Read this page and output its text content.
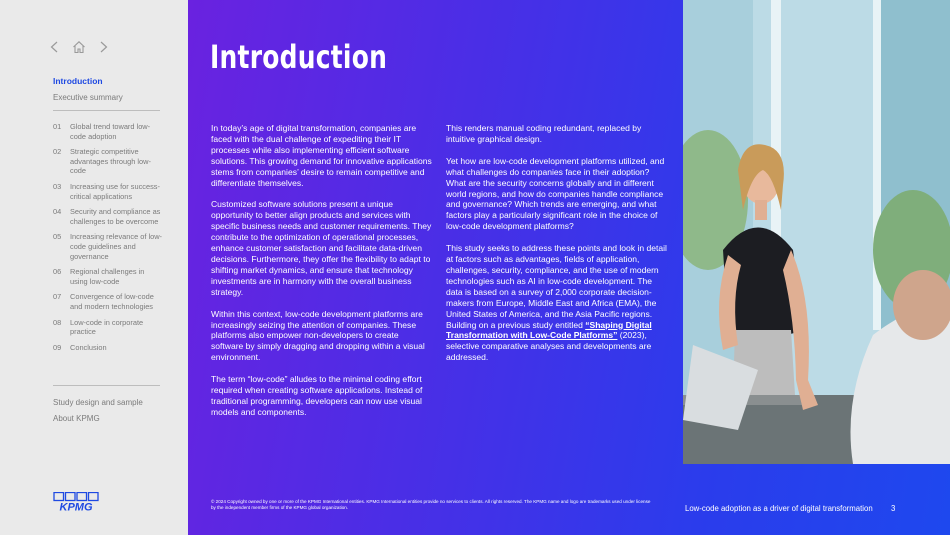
Introduction
Executive summary
01	Global trend toward low-code adoption
02	Strategic competitive advantages through low-code
03	Increasing use for success-critical applications
04	Security and compliance as challenges to be overcome
05	Increasing relevance of low-code guidelines and governance
06	Regional challenges in using low-code
07	Convergence of low-code and modern technologies
08	Low-code in corporate practice
09	Conclusion
Study design and sample
About KPMG
KPMG
Introduction

In today’s age of digital transformation, companies are faced with the dual challenge of expediting their IT processes while also implementing efficient software solutions. This growing demand for innovative applications stems from companies’ desire to remain competitive and differentiate themselves.

Customized software solutions present a unique opportunity to better align products and services with specific business needs and customer requirements. They contribute to the optimization of operational processes, enhance customer satisfaction and facilitate data-driven decisions. Furthermore, they offer the flexibility to adapt to shifting market dynamics, and ensure that technology investments are in harmony with the overall business strategy.

Within this context, low-code development platforms are increasingly seizing the attention of companies. These platforms also empower non-developers to create software by simply dragging and dropping within a visual environment.

The term “low-code” alludes to the minimal coding effort required when creating software applications. Instead of traditional programming, developers can now use visual models and components.

This renders manual coding redundant, replaced by intuitive graphical design.

Yet how are low-code development platforms utilized, and what challenges do companies face in their adoption? What are the security concerns globally and in different world regions, and how do companies handle compliance and governance? Which trends are emerging, and what factors play a particularly significant role in the choice of low-code development platforms?

This study seeks to address these points and look in detail at factors such as advantages, fields of application, challenges, security, compliance, and the use of modern technologies such as AI in low-code development. The data is based on a survey of 2,000 corporate decision-makers from Europe, Middle East and Africa (EMA), the United States of America, and the Asia Pacific regions. Building on a previous study entitled “Shaping Digital Transformation with Low-Code Platforms” (2023), selective comparative analyses and developments are addressed.

© 2024 Copyright owned by one or more of the KPMG International entities. KPMG International entities provide no services to clients. All rights reserved. The KPMG name and logo are trademarks used under license by the independent member firms of the KPMG global organization.	Low-code adoption as a driver of digital transformation 3
